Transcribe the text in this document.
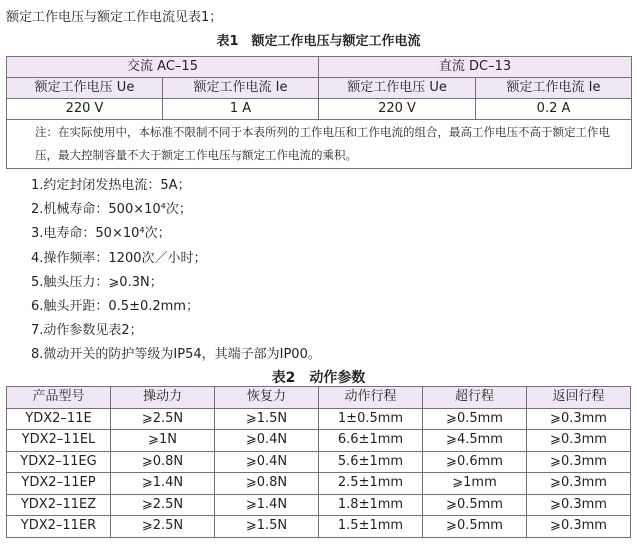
额定工作电压与额定工作电流见表1；
表1　额定工作电压与额定工作电流
交流 AC–15		直流 DC–13	
额定工作电压 Ue	额定工作电流 Ie	额定工作电压 Ue	额定工作电流 Ie
220 V	1 A	220 V	0.2 A
注：在实际使用中，本标准不限制不同于本表所列的工作电压和工作电流的组合，最高工作电压不高于额定工作电压，最大控制容量不大于额定工作电压与额定工作电流的乘积。			
1.约定封闭发热电流：5A；
2.机械寿命：500×10⁴次；
3.电寿命：50×10⁴次；
4.操作频率：1200次／小时；
5.触头压力：⩾0.3N；
6.触头开距：0.5±0.2mm；
7.动作参数见表2；
8.微动开关的防护等级为IP54，其端子部为IP00。
表2　动作参数
产品型号	操动力	恢复力	动作行程	超行程	返回行程
YDX2–11E	⩾2.5N	⩾1.5N	1±0.5mm	⩾0.5mm	⩾0.3mm
YDX2–11EL	⩾1N	⩾0.4N	6.6±1mm	⩾4.5mm	⩾0.3mm
YDX2–11EG	⩾0.8N	⩾0.4N	5.6±1mm	⩾0.6mm	⩾0.3mm
YDX2–11EP	⩾1.4N	⩾0.8N	2.5±1mm	⩾1mm	⩾0.3mm
YDX2–11EZ	⩾2.5N	⩾1.4N	1.8±1mm	⩾0.5mm	⩾0.3mm
YDX2–11ER	⩾2.5N	⩾1.5N	1.5±1mm	⩾0.5mm	⩾0.3mm
